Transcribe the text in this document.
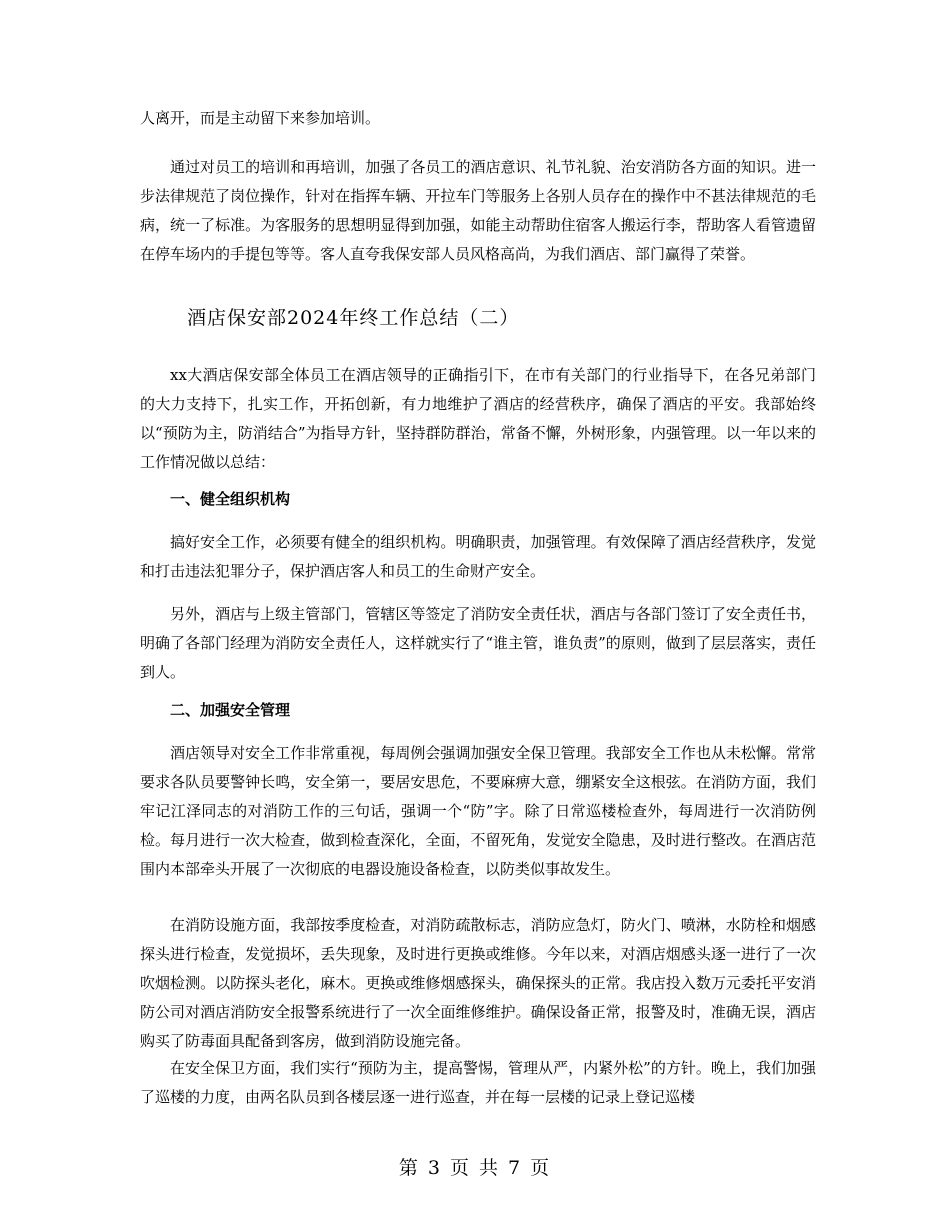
人离开，而是主动留下来参加培训。

通过对员工的培训和再培训，加强了各员工的酒店意识、礼节礼貌、治安消防各方面的知识。进一步法律规范了岗位操作，针对在指挥车辆、开拉车门等服务上各别人员存在的操作中不甚法律规范的毛病，统一了标准。为客服务的思想明显得到加强，如能主动帮助住宿客人搬运行李，帮助客人看管遗留在停车场内的手提包等等。客人直夸我保安部人员风格高尚，为我们酒店、部门赢得了荣誉。

酒店保安部2024年终工作总结（二）

xx大酒店保安部全体员工在酒店领导的正确指引下，在市有关部门的行业指导下，在各兄弟部门的大力支持下，扎实工作，开拓创新，有力地维护了酒店的经营秩序，确保了酒店的平安。我部始终以“预防为主，防消结合”为指导方针，坚持群防群治，常备不懈，外树形象，内强管理。以一年以来的工作情况做以总结：

一、健全组织机构

搞好安全工作，必须要有健全的组织机构。明确职责，加强管理。有效保障了酒店经营秩序，发觉和打击违法犯罪分子，保护酒店客人和员工的生命财产安全。

另外，酒店与上级主管部门，管辖区等签定了消防安全责任状，酒店与各部门签订了安全责任书，明确了各部门经理为消防安全责任人，这样就实行了“谁主管，谁负责”的原则，做到了层层落实，责任到人。

二、加强安全管理

酒店领导对安全工作非常重视，每周例会强调加强安全保卫管理。我部安全工作也从未松懈。常常要求各队员要警钟长鸣，安全第一，要居安思危，不要麻痹大意，绷紧安全这根弦。在消防方面，我们牢记江泽同志的对消防工作的三句话，强调一个“防”字。除了日常巡楼检查外，每周进行一次消防例检。每月进行一次大检查，做到检查深化，全面，不留死角，发觉安全隐患，及时进行整改。在酒店范围内本部牵头开展了一次彻底的电器设施设备检查，以防类似事故发生。

在消防设施方面，我部按季度检查，对消防疏散标志，消防应急灯，防火门、喷淋，水防栓和烟感探头进行检查，发觉损坏，丢失现象，及时进行更换或维修。今年以来，对酒店烟感头逐一进行了一次吹烟检测。以防探头老化，麻木。更换或维修烟感探头，确保探头的正常。我店投入数万元委托平安消防公司对酒店消防安全报警系统进行了一次全面维修维护。确保设备正常，报警及时，准确无误，酒店购买了防毒面具配备到客房，做到消防设施完备。

在安全保卫方面，我们实行“预防为主，提高警惕，管理从严，内紧外松”的方针。晚上，我们加强了巡楼的力度，由两名队员到各楼层逐一进行巡查，并在每一层楼的记录上登记巡楼

第 3 页 共 7 页
